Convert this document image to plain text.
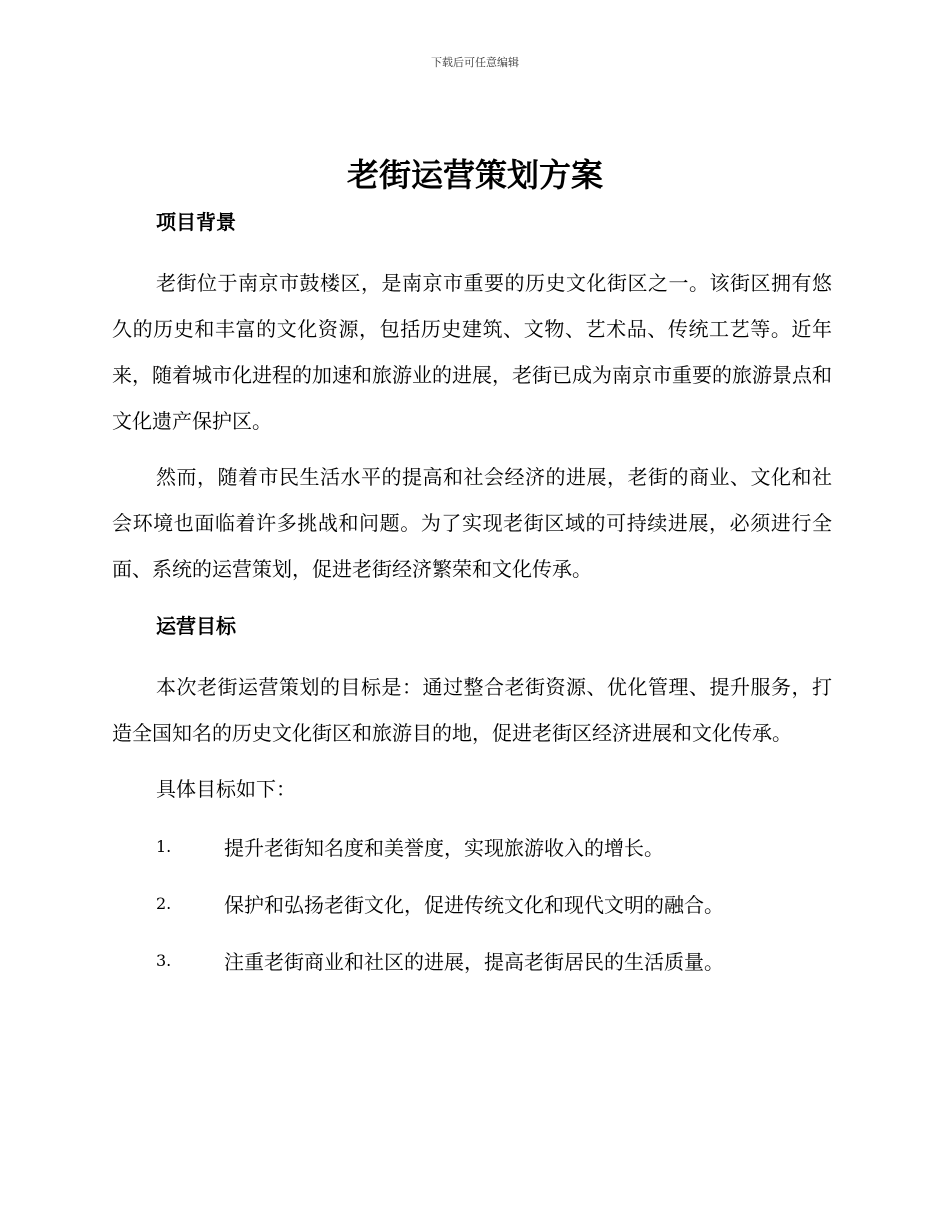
下载后可任意编辑
老街运营策划方案
项目背景

老街位于南京市鼓楼区，是南京市重要的历史文化街区之一。该街区拥有悠久的历史和丰富的文化资源，包括历史建筑、文物、艺术品、传统工艺等。近年来，随着城市化进程的加速和旅游业的进展，老街已成为南京市重要的旅游景点和文化遗产保护区。

然而，随着市民生活水平的提高和社会经济的进展，老街的商业、文化和社会环境也面临着许多挑战和问题。为了实现老街区域的可持续进展，必须进行全面、系统的运营策划，促进老街经济繁荣和文化传承。

运营目标

本次老街运营策划的目标是：通过整合老街资源、优化管理、提升服务，打造全国知名的历史文化街区和旅游目的地，促进老街区经济进展和文化传承。

具体目标如下：

1.	提升老街知名度和美誉度，实现旅游收入的增长。
2.	保护和弘扬老街文化，促进传统文化和现代文明的融合。
3.	注重老街商业和社区的进展，提高老街居民的生活质量。
